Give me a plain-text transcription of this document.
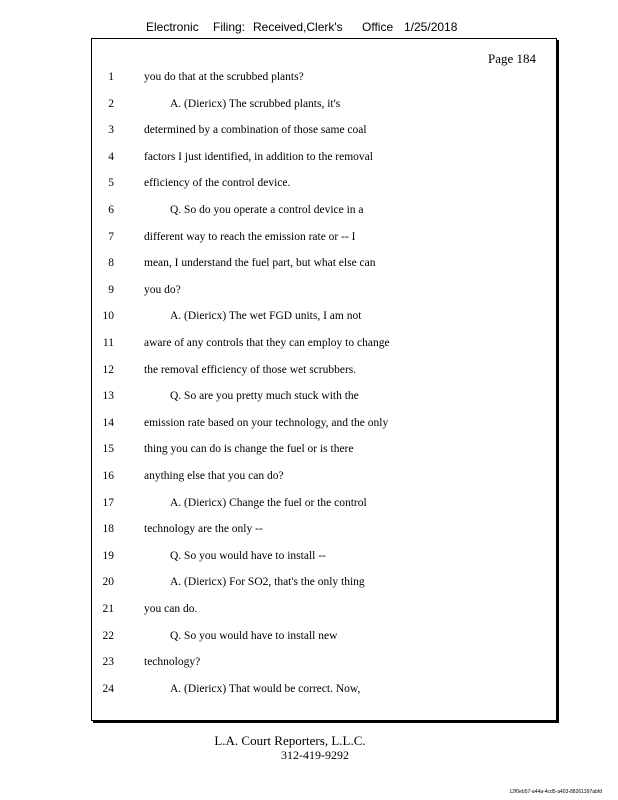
Electronic Filing: Received,Clerk's Office 1/25/2018
Page 184
1	you do that at the scrubbed plants?
2	A. (Diericx) The scrubbed plants, it's
3	determined by a combination of those same coal
4	factors I just identified, in addition to the removal
5	efficiency of the control device.
6	Q. So do you operate a control device in a
7	different way to reach the emission rate or -- I
8	mean, I understand the fuel part, but what else can
9	you do?
10	A. (Diericx) The wet FGD units, I am not
11	aware of any controls that they can employ to change
12	the removal efficiency of those wet scrubbers.
13	Q. So are you pretty much stuck with the
14	emission rate based on your technology, and the only
15	thing you can do is change the fuel or is there
16	anything else that you can do?
17	A. (Diericx) Change the fuel or the control
18	technology are the only --
19	Q. So you would have to install --
20	A. (Diericx) For SO2, that's the only thing
21	you can do.
22	Q. So you would have to install new
23	technology?
24	A. (Diericx) That would be correct. Now,
L.A. Court Reporters, L.L.C.
312-419-9292
12f0eb57-a44a-4cd5-a403-88261397abfd
